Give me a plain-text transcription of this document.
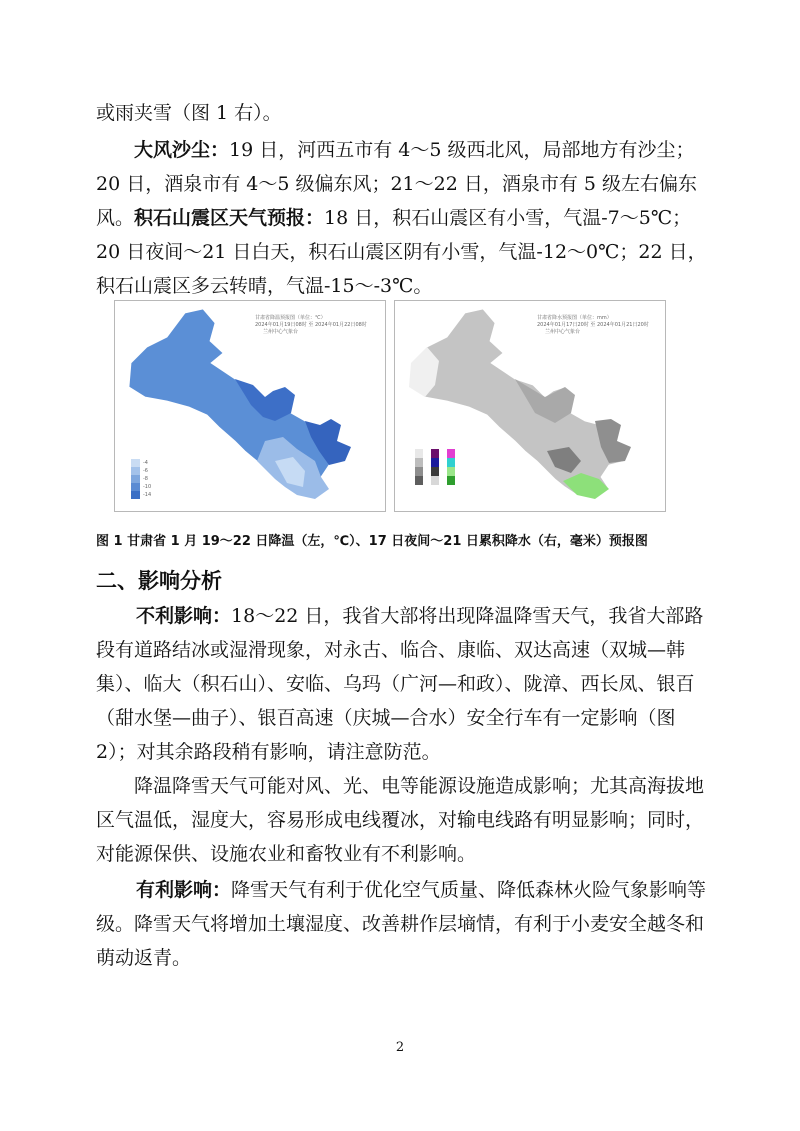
或雨夹雪（图 1 右）。

大风沙尘：19 日，河西五市有 4～5 级西北风，局部地方有沙尘；20 日，酒泉市有 4～5 级偏东风；21～22 日，酒泉市有 5 级左右偏东风。 积石山震区天气预报：18 日，积石山震区有小雪，气温-7～5℃；20 日夜间～21 日白天，积石山震区阴有小雪，气温-12～0℃；22 日，积石山震区多云转晴，气温-15～-3℃。

甘肃省降温预报图（单位：℃）
2024年01月19日08时 至 2024年01月22日08时
兰州中心气象台
-4
-6
-8
-10
-14
甘肃省降水预报图（单位：mm）
2024年01月17日20时 至 2024年01月21日20时
兰州中心气象台
图 1 甘肃省 1 月 19～22 日降温（左，℃）、17 日夜间～21 日累积降水（右，毫米）预报图
二、影响分析

不利影响：18～22 日，我省大部将出现降温降雪天气，我省大部路段有道路结冰或湿滑现象，对永古、临合、康临、双达高速（双城—韩集）、临大（积石山）、安临、乌玛（广河—和政）、陇漳、西长凤、银百（甜水堡—曲子）、银百高速（庆城—合水）安全行车有一定影响（图 2）；对其余路段稍有影响，请注意防范。

降温降雪天气可能对风、光、电等能源设施造成影响；尤其高海拔地区气温低，湿度大，容易形成电线覆冰，对输电线路有明显影响；同时，对能源保供、设施农业和畜牧业有不利影响。

有利影响：降雪天气有利于优化空气质量、降低森林火险气象影响等级。降雪天气将增加土壤湿度、改善耕作层墒情，有利于小麦安全越冬和萌动返青。

2
